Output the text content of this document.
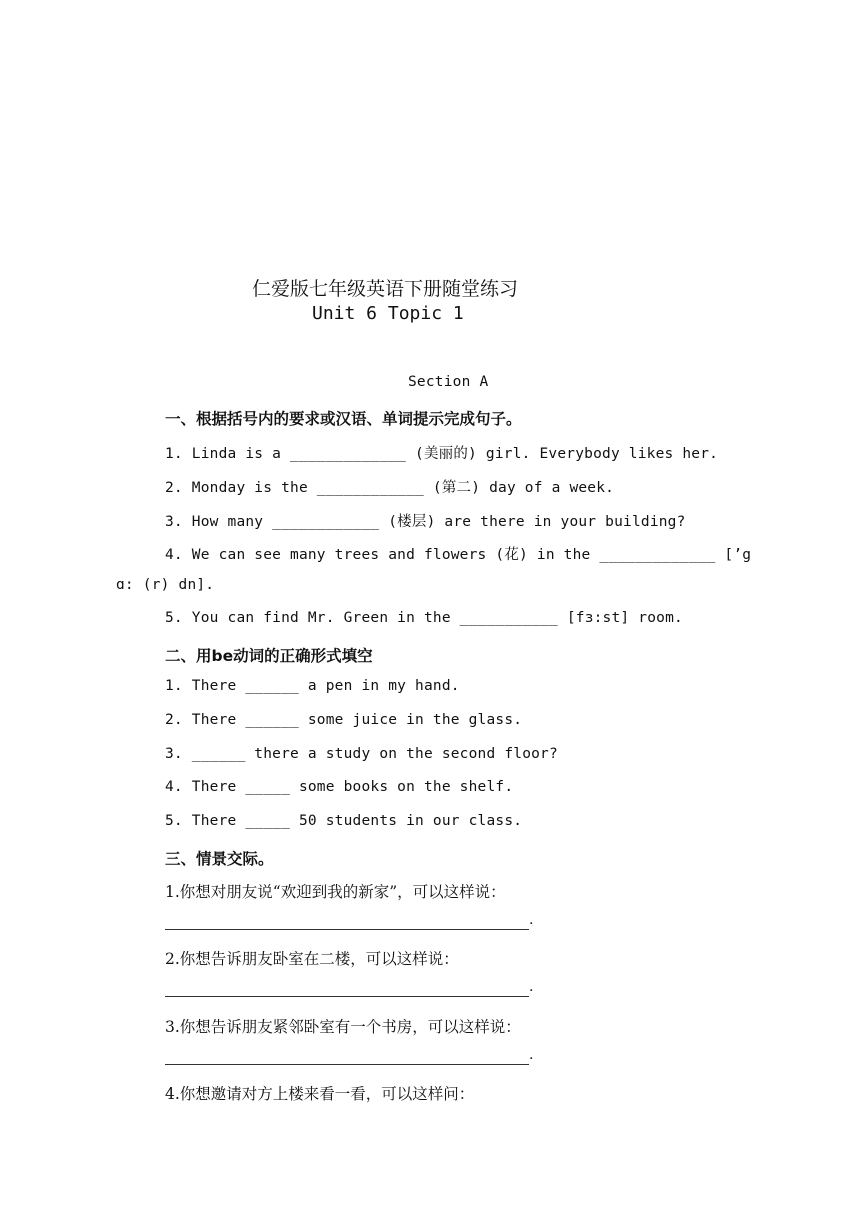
仁爱版七年级英语下册随堂练习
Unit 6 Topic 1
Section A
一、根据括号内的要求或汉语、单词提示完成句子。
1. Linda is a _____________ (美丽的) girl. Everybody likes her.
2. Monday is the ____________ (第二) day of a week.
3. How many ____________ (楼层) are there in your building?
4. We can see many trees and flowers (花) in the _____________ [’g
ɑ: (r) dn].
5. You can find Mr. Green in the ___________ [fɜ:st] room.
二、用be动词的正确形式填空
1. There ______ a pen in my hand.
2. There ______ some juice in the glass.
3. ______ there a study on the second floor?
4. There _____ some books on the shelf.
5. There _____ 50 students in our class.
三、情景交际。
1.你想对朋友说“欢迎到我的新家”，可以这样说：
.
2.你想告诉朋友卧室在二楼，可以这样说：
.
3.你想告诉朋友紧邻卧室有一个书房，可以这样说：
.
4.你想邀请对方上楼来看一看，可以这样问：
